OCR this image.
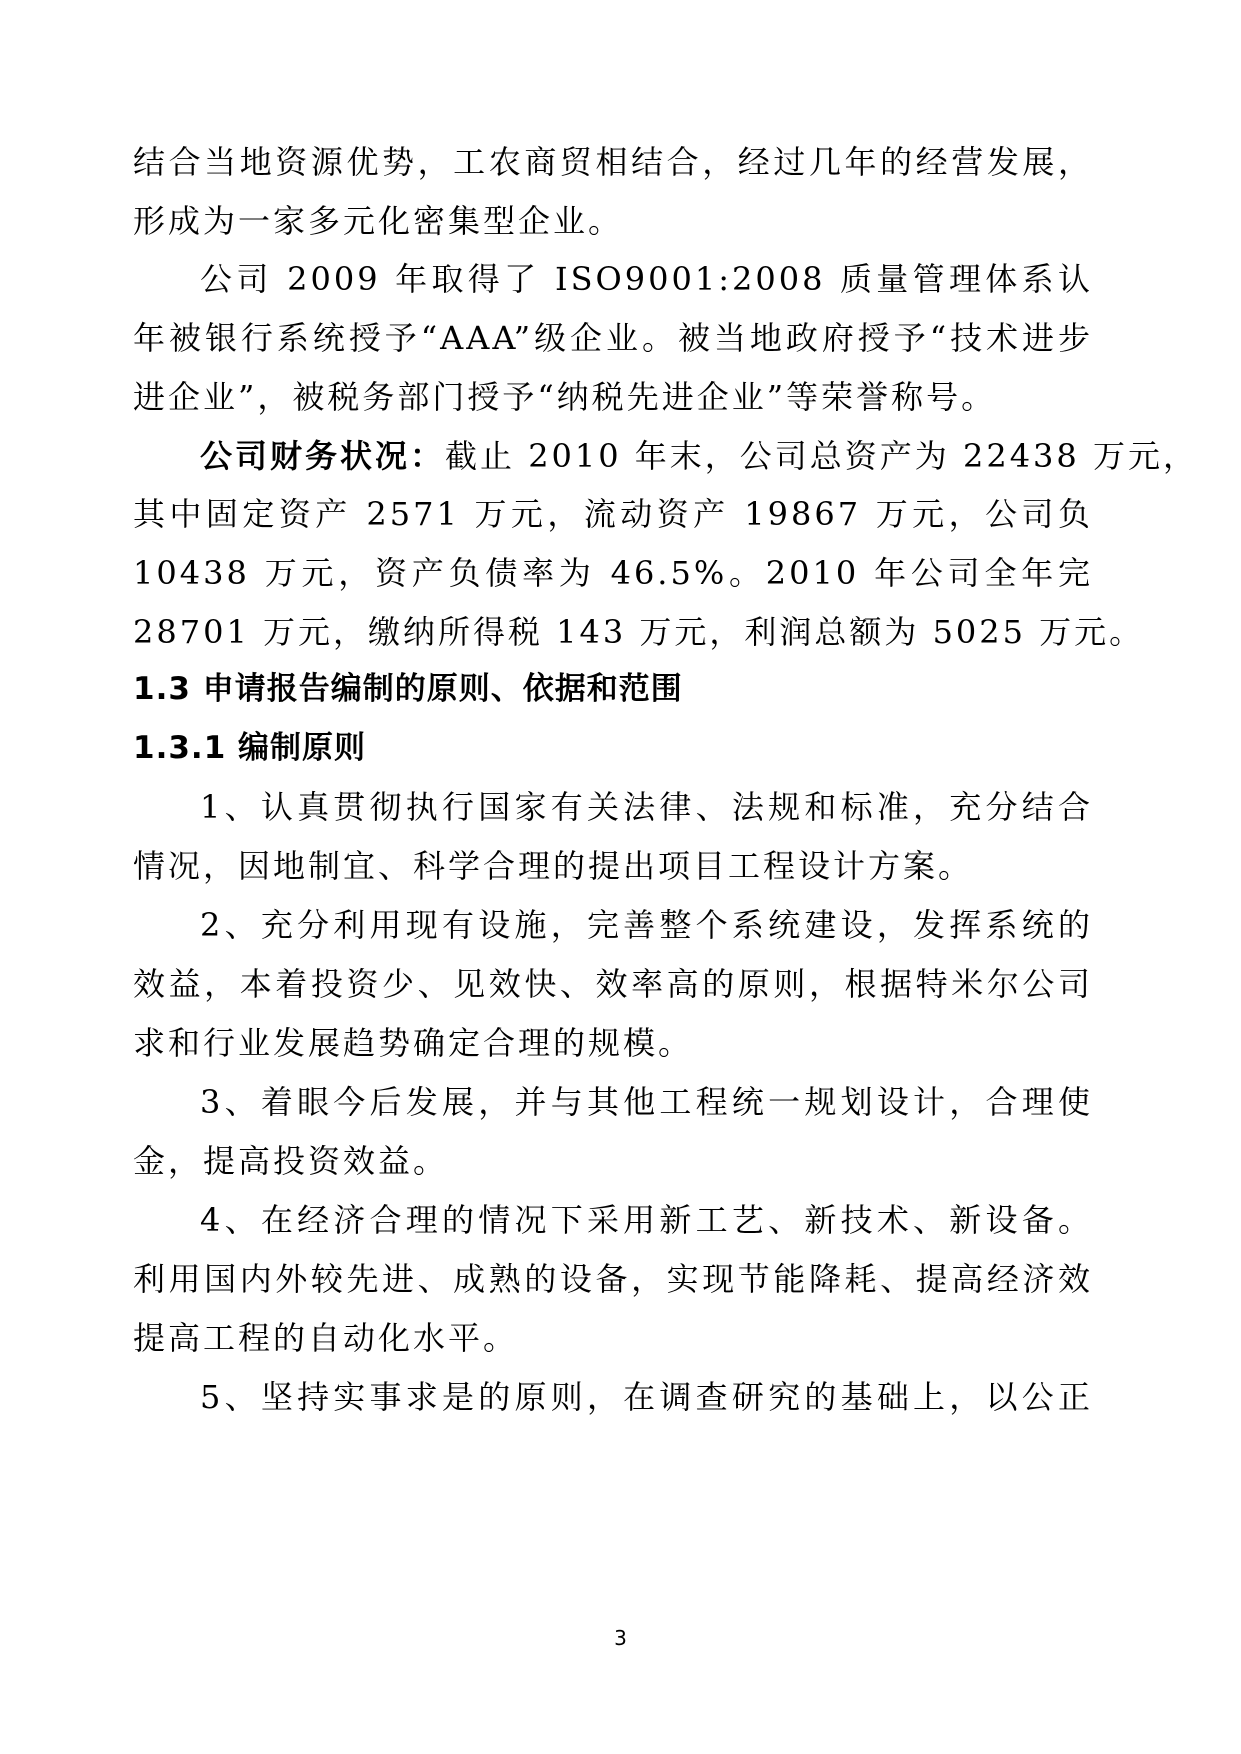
结合当地资源优势，工农商贸相结合，经过几年的经营发展，
形成为一家多元化密集型企业。
公司 2009 年取得了 ISO9001:2008 质量管理体系认
年被银行系统授予“AAA”级企业。被当地政府授予“技术进步
进企业”，被税务部门授予“纳税先进企业”等荣誉称号。
公司财务状况：截止 2010 年末，公司总资产为 22438 万元，
其中固定资产 2571 万元，流动资产 19867 万元，公司负
10438 万元，资产负债率为 46.5%。2010 年公司全年完
28701 万元，缴纳所得税 143 万元，利润总额为 5025 万元。
1.3 申请报告编制的原则、依据和范围
1.3.1 编制原则
1、认真贯彻执行国家有关法律、法规和标准，充分结合
情况，因地制宜、科学合理的提出项目工程设计方案。
2、充分利用现有设施，完善整个系统建设，发挥系统的
效益，本着投资少、见效快、效率高的原则，根据特米尔公司
求和行业发展趋势确定合理的规模。
3、着眼今后发展，并与其他工程统一规划设计，合理使
金，提高投资效益。
4、在经济合理的情况下采用新工艺、新技术、新设备。
利用国内外较先进、成熟的设备，实现节能降耗、提高经济效
提高工程的自动化水平。
5、坚持实事求是的原则，在调查研究的基础上，以公正
3
